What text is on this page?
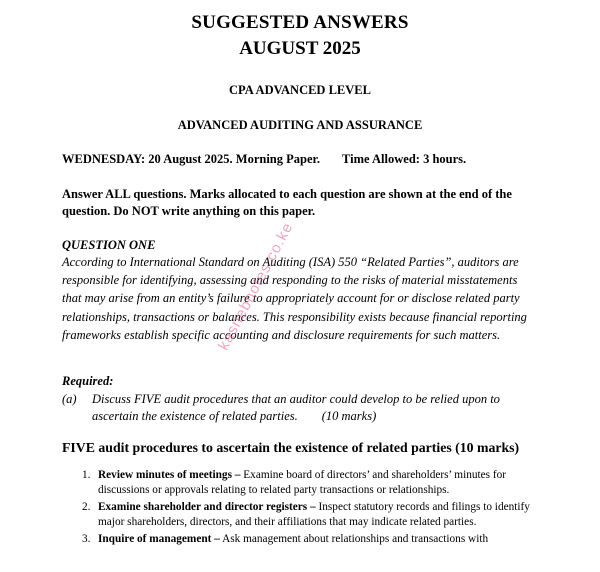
SUGGESTED ANSWERS
AUGUST 2025
CPA ADVANCED LEVEL
ADVANCED AUDITING AND ASSURANCE
WEDNESDAY: 20 August 2025. Morning Paper. Time Allowed: 3 hours.
Answer ALL questions. Marks allocated to each question are shown at the end of the question. Do NOT write anything on this paper.
QUESTION ONE
According to International Standard on Auditing (ISA) 550 “Related Parties”, auditors are responsible for identifying, assessing and responding to the risks of material misstatements that may arise from an entity’s failure to appropriately account for or disclose related party relationships, transactions or balances. This responsibility exists because financial reporting frameworks establish specific accounting and disclosure requirements for such matters.
Required:
(a)	Discuss FIVE audit procedures that an auditor could develop to be relied upon to ascertain the existence of related parties. (10 marks)
FIVE audit procedures to ascertain the existence of related parties (10 marks)
1. Review minutes of meetings – Examine board of directors’ and shareholders’ minutes for discussions or approvals relating to related party transactions or relationships.
2. Examine shareholder and director registers – Inspect statutory records and filings to identify major shareholders, directors, and their affiliations that may indicate related parties.
3. Inquire of management – Ask management about relationships and transactions with
kasnebnotes.co.ke
